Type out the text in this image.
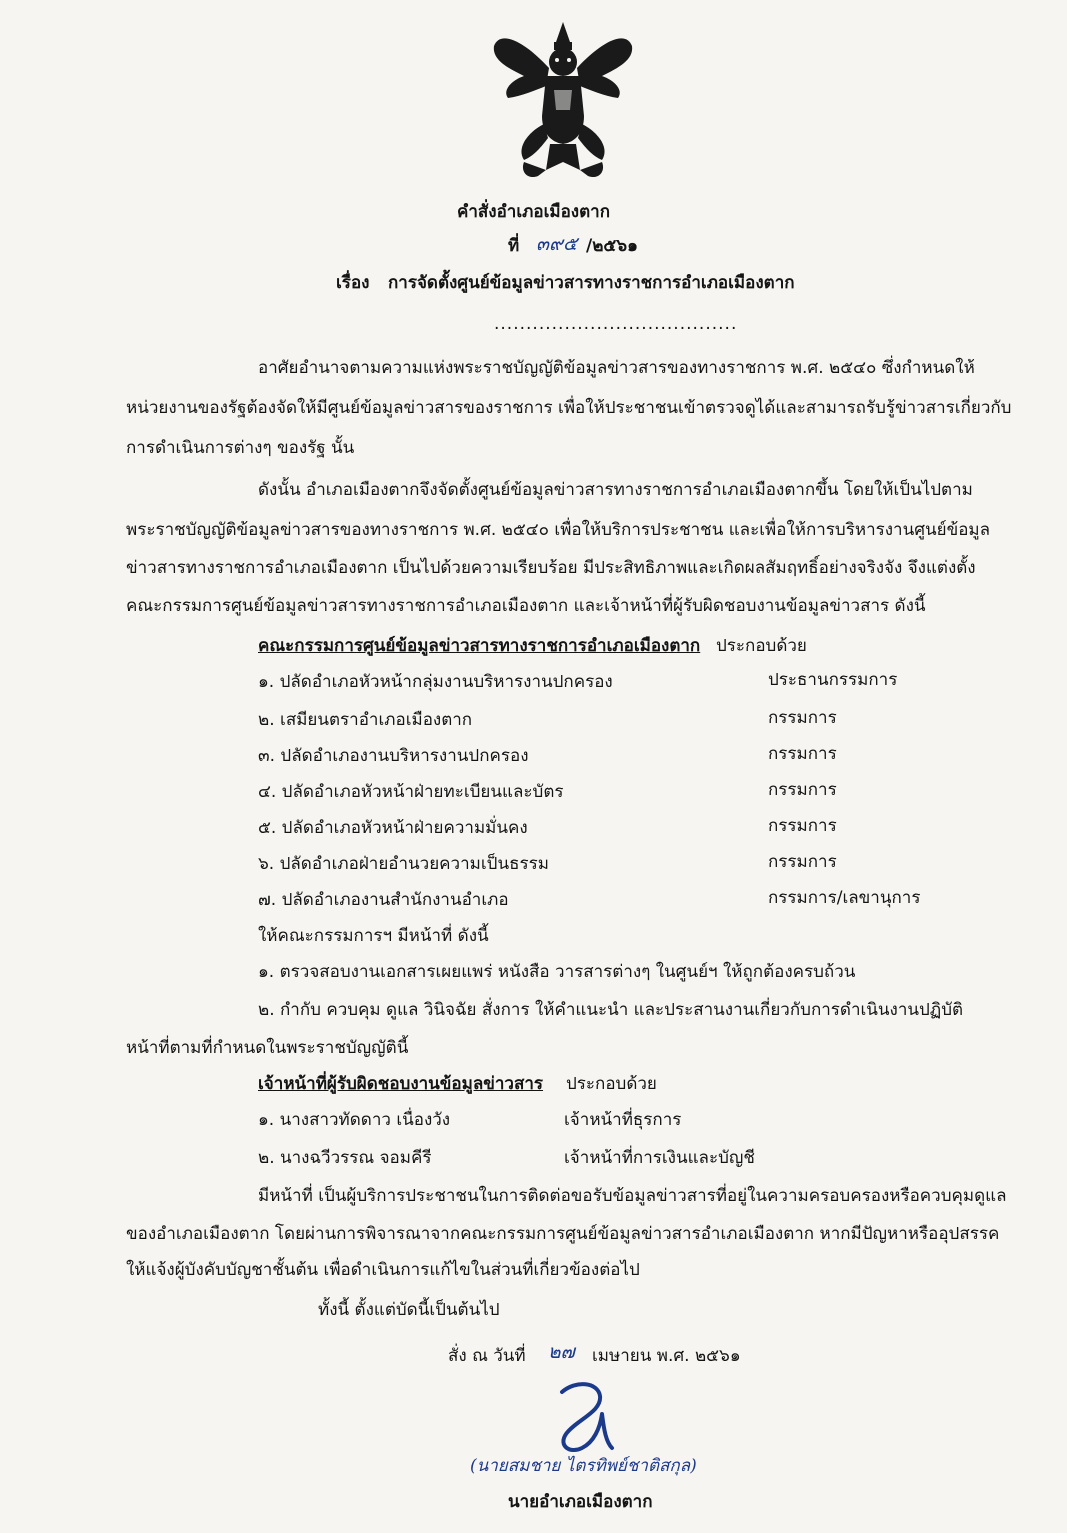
คำสั่งอำเภอเมืองตาก
ที่ ๓๙๕ /๒๕๖๑
เรื่อง การจัดตั้งศูนย์ข้อมูลข่าวสารทางราชการอำเภอเมืองตาก
......................................
อาศัยอำนาจตามความแห่งพระราชบัญญัติข้อมูลข่าวสารของทางราชการ พ.ศ. ๒๕๔๐ ซึ่งกำหนดให้
หน่วยงานของรัฐต้องจัดให้มีศูนย์ข้อมูลข่าวสารของราชการ เพื่อให้ประชาชนเข้าตรวจดูได้และสามารถรับรู้ข่าวสารเกี่ยวกับ
การดำเนินการต่างๆ ของรัฐ นั้น
ดังนั้น อำเภอเมืองตากจึงจัดตั้งศูนย์ข้อมูลข่าวสารทางราชการอำเภอเมืองตากขึ้น โดยให้เป็นไปตาม
พระราชบัญญัติข้อมูลข่าวสารของทางราชการ พ.ศ. ๒๕๔๐ เพื่อให้บริการประชาชน และเพื่อให้การบริหารงานศูนย์ข้อมูล
ข่าวสารทางราชการอำเภอเมืองตาก เป็นไปด้วยความเรียบร้อย มีประสิทธิภาพและเกิดผลสัมฤทธิ์อย่างจริงจัง จึงแต่งตั้ง
คณะกรรมการศูนย์ข้อมูลข่าวสารทางราชการอำเภอเมืองตาก และเจ้าหน้าที่ผู้รับผิดชอบงานข้อมูลข่าวสาร ดังนี้
คณะกรรมการศูนย์ข้อมูลข่าวสารทางราชการอำเภอเมืองตาก ประกอบด้วย
๑. ปลัดอำเภอหัวหน้ากลุ่มงานบริหารงานปกครอง	ประธานกรรมการ
๒. เสมียนตราอำเภอเมืองตาก	กรรมการ
๓. ปลัดอำเภองานบริหารงานปกครอง	กรรมการ
๔. ปลัดอำเภอหัวหน้าฝ่ายทะเบียนและบัตร	กรรมการ
๕. ปลัดอำเภอหัวหน้าฝ่ายความมั่นคง	กรรมการ
๖. ปลัดอำเภอฝ่ายอำนวยความเป็นธรรม	กรรมการ
๗. ปลัดอำเภองานสำนักงานอำเภอ	กรรมการ/เลขานุการ
ให้คณะกรรมการฯ มีหน้าที่ ดังนี้
๑. ตรวจสอบงานเอกสารเผยแพร่ หนังสือ วารสารต่างๆ ในศูนย์ฯ ให้ถูกต้องครบถ้วน
๒. กำกับ ควบคุม ดูแล วินิจฉัย สั่งการ ให้คำแนะนำ และประสานงานเกี่ยวกับการดำเนินงานปฏิบัติ
หน้าที่ตามที่กำหนดในพระราชบัญญัตินี้
เจ้าหน้าที่ผู้รับผิดชอบงานข้อมูลข่าวสาร ประกอบด้วย
๑. นางสาวทัดดาว เนื่องวัง	เจ้าหน้าที่ธุรการ
๒. นางฉวีวรรณ จอมคีรี	เจ้าหน้าที่การเงินและบัญชี
มีหน้าที่ เป็นผู้บริการประชาชนในการติดต่อขอรับข้อมูลข่าวสารที่อยู่ในความครอบครองหรือควบคุมดูแล
ของอำเภอเมืองตาก โดยผ่านการพิจารณาจากคณะกรรมการศูนย์ข้อมูลข่าวสารอำเภอเมืองตาก หากมีปัญหาหรืออุปสรรค
ให้แจ้งผู้บังคับบัญชาชั้นต้น เพื่อดำเนินการแก้ไขในส่วนที่เกี่ยวข้องต่อไป
ทั้งนี้ ตั้งแต่บัดนี้เป็นต้นไป
สั่ง ณ วันที่ ๒๗ เมษายน พ.ศ. ๒๕๖๑
(นายสมชาย ไตรทิพย์ชาติสกุล)
นายอำเภอเมืองตาก
